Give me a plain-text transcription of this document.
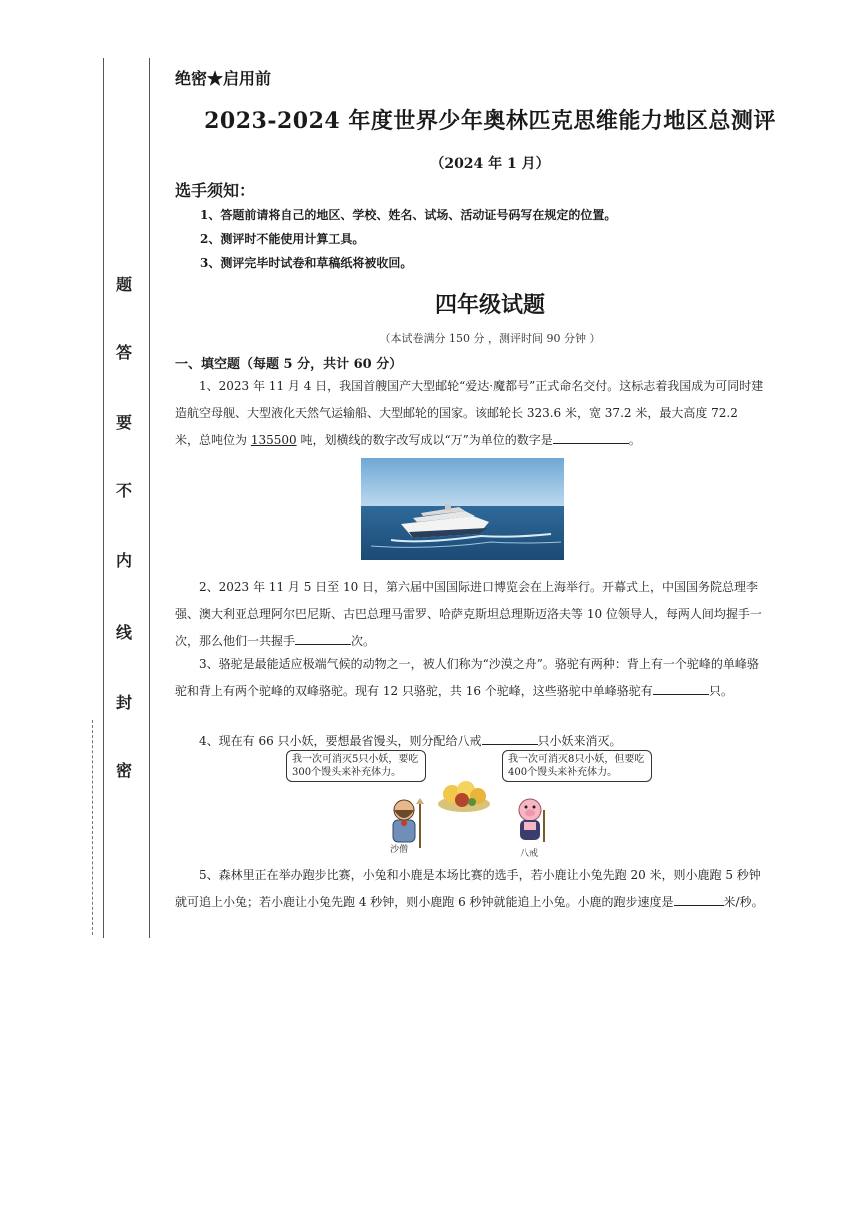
题
答
要
不
内
线
封
密
绝密★启用前
2023-2024 年度世界少年奥林匹克思维能力地区总测评
（2024 年 1 月）
选手须知：
1、答题前请将自己的地区、学校、姓名、试场、活动证号码写在规定的位置。
2、测评时不能使用计算工具。
3、测评完毕时试卷和草稿纸将被收回。
四年级试题
（本试卷满分 150 分 ，测评时间 90 分钟 ）
一、填空题（每题 5 分，共计 60 分）
1、2023 年 11 月 4 日，我国首艘国产大型邮轮“爱达·魔都号”正式命名交付。这标志着我国成为可同时建造航空母舰、大型液化天然气运输船、大型邮轮的国家。该邮轮长 323.6 米，宽 37.2 米，最大高度 72.2 米，总吨位为 135500 吨，划横线的数字改写成以“万”为单位的数字是	。
2、2023 年 11 月 5 日至 10 日，第六届中国国际进口博览会在上海举行。开幕式上，中国国务院总理李强、澳大利亚总理阿尔巴尼斯、古巴总理马雷罗、哈萨克斯坦总理斯迈洛夫等 10 位领导人，每两人间均握手一次，那么他们一共握手	次。
3、骆驼是最能适应极端气候的动物之一，被人们称为“沙漠之舟”。骆驼有两种：背上有一个驼峰的单峰骆驼和背上有两个驼峰的双峰骆驼。现有 12 只骆驼，共 16 个驼峰，这些骆驼中单峰骆驼有	只。
4、现在有 66 只小妖，要想最省馒头，则分配给八戒	只小妖来消灭。
我一次可消灭5只小妖，要吃300个馒头来补充体力。
我一次可消灭8只小妖，但要吃400个馒头来补充体力。
沙僧	八戒
5、森林里正在举办跑步比赛，小兔和小鹿是本场比赛的选手，若小鹿让小兔先跑 20 米，则小鹿跑 5 秒钟就可追上小兔；若小鹿让小兔先跑 4 秒钟，则小鹿跑 6 秒钟就能追上小兔。小鹿的跑步速度是	米/秒。
